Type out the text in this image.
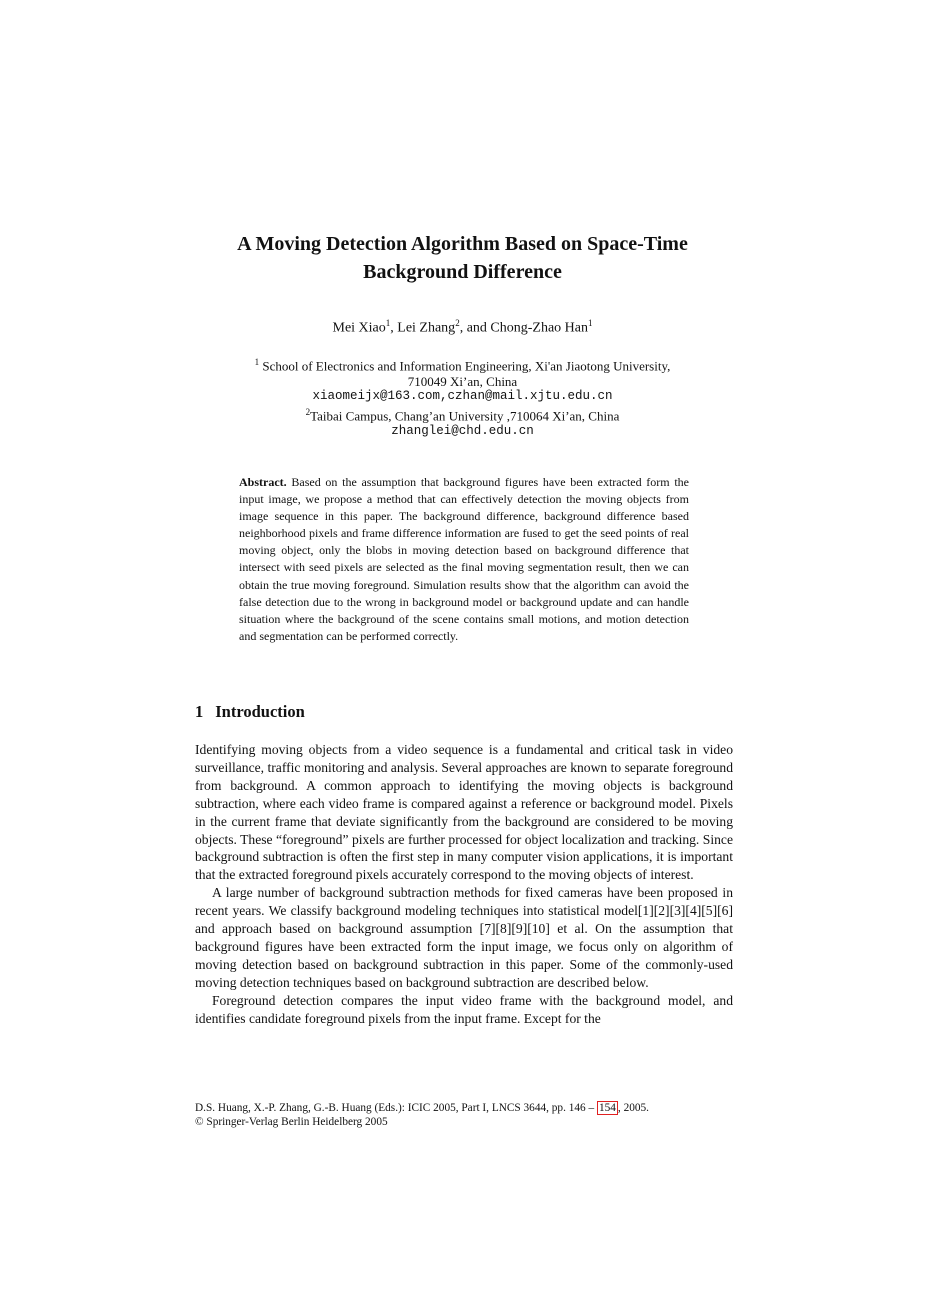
A Moving Detection Algorithm Based on Space-Time
Background Difference
Mei Xiao$^1$, Lei Zhang$^2$, and Chong-Zhao Han$^1$
$^1$ School of Electronics and Information Engineering, Xi'an Jiaotong University,
710049 Xi’an, China
xiaomeijx@163.com,czhan@mail.xjtu.edu.cn
$^2$Taibai Campus, Chang’an University ,710064 Xi’an, China
zhanglei@chd.edu.cn
Abstract. Based on the assumption that background figures have been extracted form the input image, we propose a method that can effectively detection the moving objects from image sequence in this paper. The background difference, background difference based neighborhood pixels and frame difference information are fused to get the seed points of real moving object, only the blobs in moving detection based on background difference that intersect with seed pixels are selected as the final moving segmentation result, then we can obtain the true moving foreground. Simulation results show that the algorithm can avoid the false detection due to the wrong in background model or background update and can handle situation where the background of the scene contains small motions, and motion detection and segmentation can be performed correctly.
1 Introduction

Identifying moving objects from a video sequence is a fundamental and critical task in video surveillance, traffic monitoring and analysis. Several approaches are known to separate foreground from background. A common approach to identifying the moving objects is background subtraction, where each video frame is compared against a reference or background model. Pixels in the current frame that deviate significantly from the background are considered to be moving objects. These “foreground” pixels are further processed for object localization and tracking. Since background subtraction is often the first step in many computer vision applications, it is important that the extracted foreground pixels accurately correspond to the moving objects of interest.

A large number of background subtraction methods for fixed cameras have been proposed in recent years. We classify background modeling techniques into statistical model[1][2][3][4][5][6] and approach based on background assumption [7][8][9][10] et al. On the assumption that background figures have been extracted form the input image, we focus only on algorithm of moving detection based on background subtraction in this paper. Some of the commonly-used moving detection techniques based on background subtraction are described below.

Foreground detection compares the input video frame with the background model, and identifies candidate foreground pixels from the input frame. Except for the

D.S. Huang, X.-P. Zhang, G.-B. Huang (Eds.): ICIC 2005, Part I, LNCS 3644, pp. 146 – 154 , 2005.
© Springer-Verlag Berlin Heidelberg 2005
